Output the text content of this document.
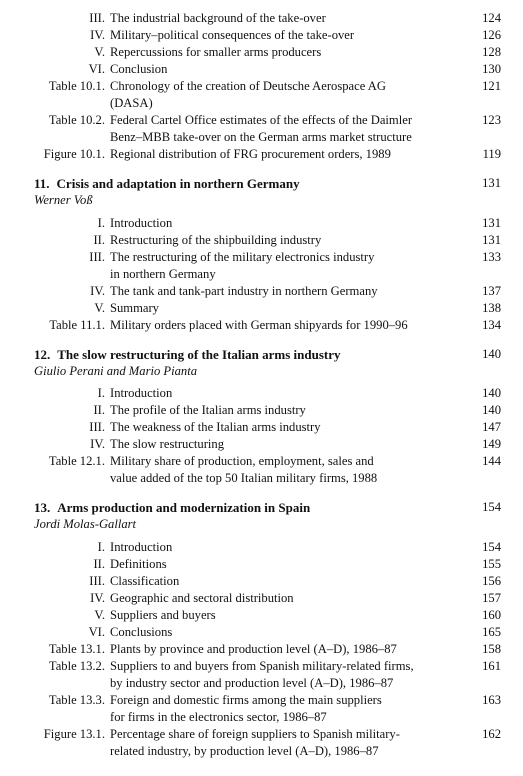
III. The industrial background of the take-over	124
IV. Military–political consequences of the take-over	126
V. Repercussions for smaller arms producers	128
VI. Conclusion	130
Table 10.1. Chronology of the creation of Deutsche Aerospace AG	121
(DASA)
Table 10.2. Federal Cartel Office estimates of the effects of the Daimler	123
Benz–MBB take-over on the German arms market structure
Figure 10.1. Regional distribution of FRG procurement orders, 1989	119
11. Crisis and adaptation in northern Germany	131
Werner Voß
I. Introduction	131
II. Restructuring of the shipbuilding industry	131
III. The restructuring of the military electronics industry	133
in northern Germany
IV. The tank and tank-part industry in northern Germany	137
V. Summary	138
Table 11.1. Military orders placed with German shipyards for 1990–96	134
12. The slow restructuring of the Italian arms industry	140
Giulio Perani and Mario Pianta
I. Introduction	140
II. The profile of the Italian arms industry	140
III. The weakness of the Italian arms industry	147
IV. The slow restructuring	149
Table 12.1. Military share of production, employment, sales and	144
value added of the top 50 Italian military firms, 1988
13. Arms production and modernization in Spain	154
Jordi Molas-Gallart
I. Introduction	154
II. Definitions	155
III. Classification	156
IV. Geographic and sectoral distribution	157
V. Suppliers and buyers	160
VI. Conclusions	165
Table 13.1. Plants by province and production level (A–D), 1986–87	158
Table 13.2. Suppliers to and buyers from Spanish military-related firms,	161
by industry sector and production level (A–D), 1986–87
Table 13.3. Foreign and domestic firms among the main suppliers	163
for firms in the electronics sector, 1986–87
Figure 13.1. Percentage share of foreign suppliers to Spanish military-	162
related industry, by production level (A–D), 1986–87
